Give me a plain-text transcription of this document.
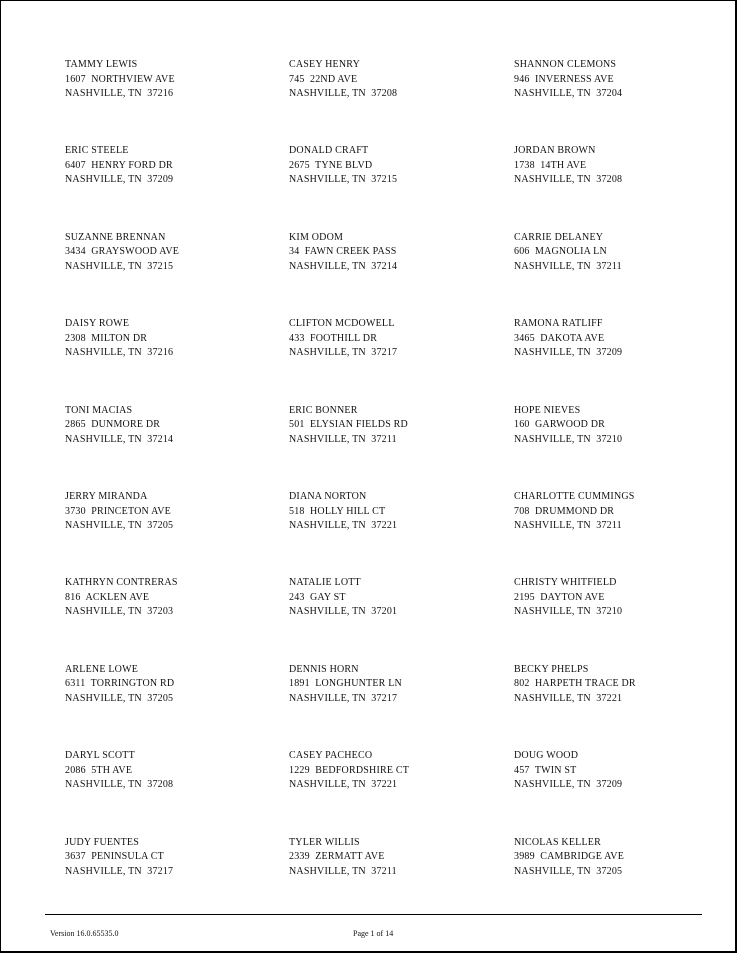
TAMMY LEWIS
1607  NORTHVIEW AVE
NASHVILLE, TN  37216
CASEY HENRY
745  22ND AVE
NASHVILLE, TN  37208
SHANNON CLEMONS
946  INVERNESS AVE
NASHVILLE, TN  37204
ERIC STEELE
6407  HENRY FORD DR
NASHVILLE, TN  37209
DONALD CRAFT
2675  TYNE BLVD
NASHVILLE, TN  37215
JORDAN BROWN
1738  14TH AVE
NASHVILLE, TN  37208
SUZANNE BRENNAN
3434  GRAYSWOOD AVE
NASHVILLE, TN  37215
KIM ODOM
34  FAWN CREEK PASS
NASHVILLE, TN  37214
CARRIE DELANEY
606  MAGNOLIA LN
NASHVILLE, TN  37211
DAISY ROWE
2308  MILTON DR
NASHVILLE, TN  37216
CLIFTON MCDOWELL
433  FOOTHILL DR
NASHVILLE, TN  37217
RAMONA RATLIFF
3465  DAKOTA AVE
NASHVILLE, TN  37209
TONI MACIAS
2865  DUNMORE DR
NASHVILLE, TN  37214
ERIC BONNER
501  ELYSIAN FIELDS RD
NASHVILLE, TN  37211
HOPE NIEVES
160  GARWOOD DR
NASHVILLE, TN  37210
JERRY MIRANDA
3730  PRINCETON AVE
NASHVILLE, TN  37205
DIANA NORTON
518  HOLLY HILL CT
NASHVILLE, TN  37221
CHARLOTTE CUMMINGS
708  DRUMMOND DR
NASHVILLE, TN  37211
KATHRYN CONTRERAS
816  ACKLEN AVE
NASHVILLE, TN  37203
NATALIE LOTT
243  GAY ST
NASHVILLE, TN  37201
CHRISTY WHITFIELD
2195  DAYTON AVE
NASHVILLE, TN  37210
ARLENE LOWE
6311  TORRINGTON RD
NASHVILLE, TN  37205
DENNIS HORN
1891  LONGHUNTER LN
NASHVILLE, TN  37217
BECKY PHELPS
802  HARPETH TRACE DR
NASHVILLE, TN  37221
DARYL SCOTT
2086  5TH AVE
NASHVILLE, TN  37208
CASEY PACHECO
1229  BEDFORDSHIRE CT
NASHVILLE, TN  37221
DOUG WOOD
457  TWIN ST
NASHVILLE, TN  37209
JUDY FUENTES
3637  PENINSULA CT
NASHVILLE, TN  37217
TYLER WILLIS
2339  ZERMATT AVE
NASHVILLE, TN  37211
NICOLAS KELLER
3989  CAMBRIDGE AVE
NASHVILLE, TN  37205
Version 16.0.65535.0	Page 1 of 14
